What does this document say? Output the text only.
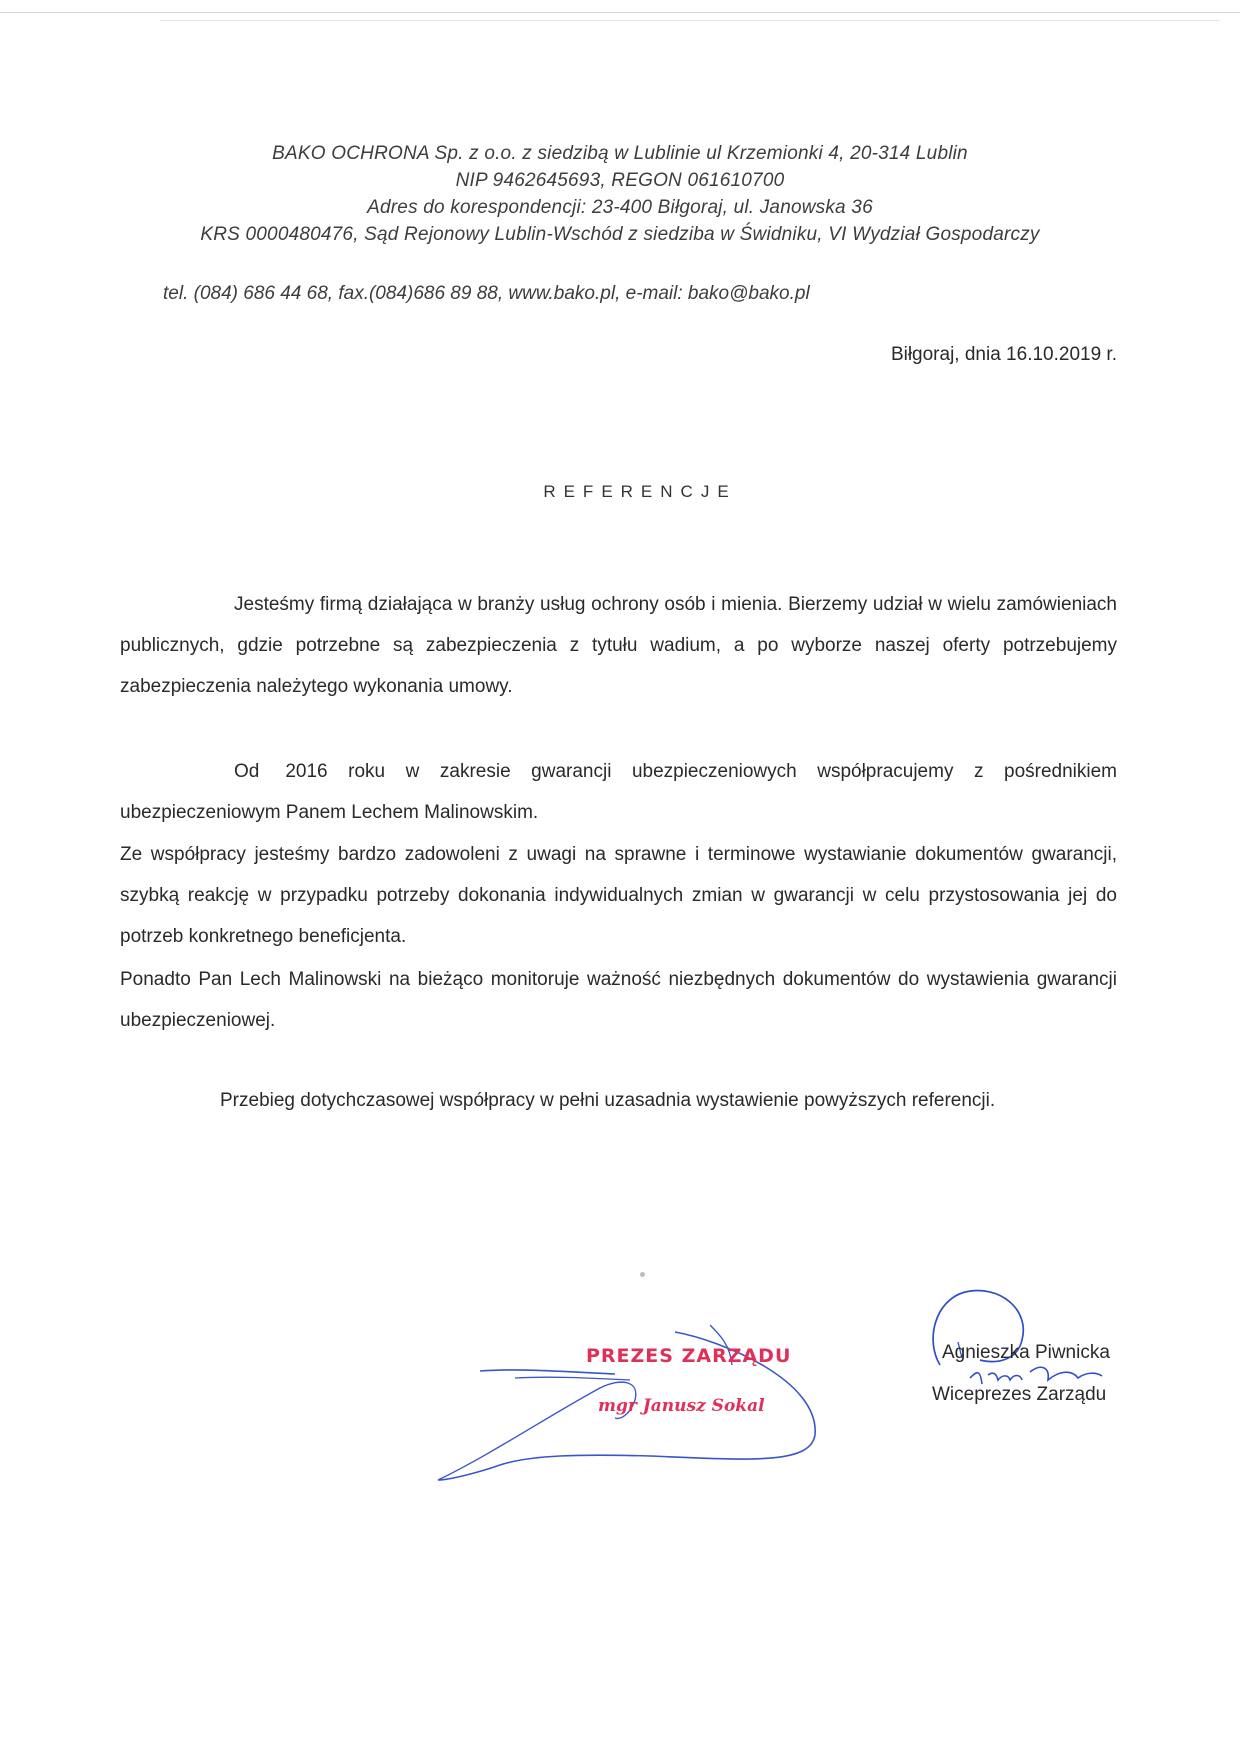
BAKO OCHRONA Sp. z o.o. z siedzibą w Lublinie ul Krzemionki 4, 20-314 Lublin
NIP 9462645693, REGON 061610700
Adres do korespondencji: 23-400 Biłgoraj, ul. Janowska 36
KRS 0000480476, Sąd Rejonowy Lublin-Wschód z siedziba w Świdniku, VI Wydział Gospodarczy
tel. (084) 686 44 68, fax.(084)686 89 88, www.bako.pl, e-mail: bako@bako.pl
Biłgoraj, dnia 16.10.2019 r.
REFERENCJE
Jesteśmy firmą działająca w branży usług ochrony osób i mienia. Bierzemy udział w wielu zamówieniach publicznych, gdzie potrzebne są zabezpieczenia z tytułu wadium, a po wyborze naszej oferty potrzebujemy zabezpieczenia należytego wykonania umowy.
Od 2016 roku w zakresie gwarancji ubezpieczeniowych współpracujemy z pośrednikiem ubezpieczeniowym Panem Lechem Malinowskim.
Ze współpracy jesteśmy bardzo zadowoleni z uwagi na sprawne i terminowe wystawianie dokumentów gwarancji, szybką reakcję w przypadku potrzeby dokonania indywidualnych zmian w gwarancji w celu przystosowania jej do potrzeb konkretnego beneficjenta.
Ponadto Pan Lech Malinowski na bieżąco monitoruje ważność niezbędnych dokumentów do wystawienia gwarancji ubezpieczeniowej.
Przebieg dotychczasowej współpracy w pełni uzasadnia wystawienie powyższych referencji.
PREZES ZARZĄDU
mgr Janusz Sokal
Agnieszka Piwnicka
Wiceprezes Zarządu
